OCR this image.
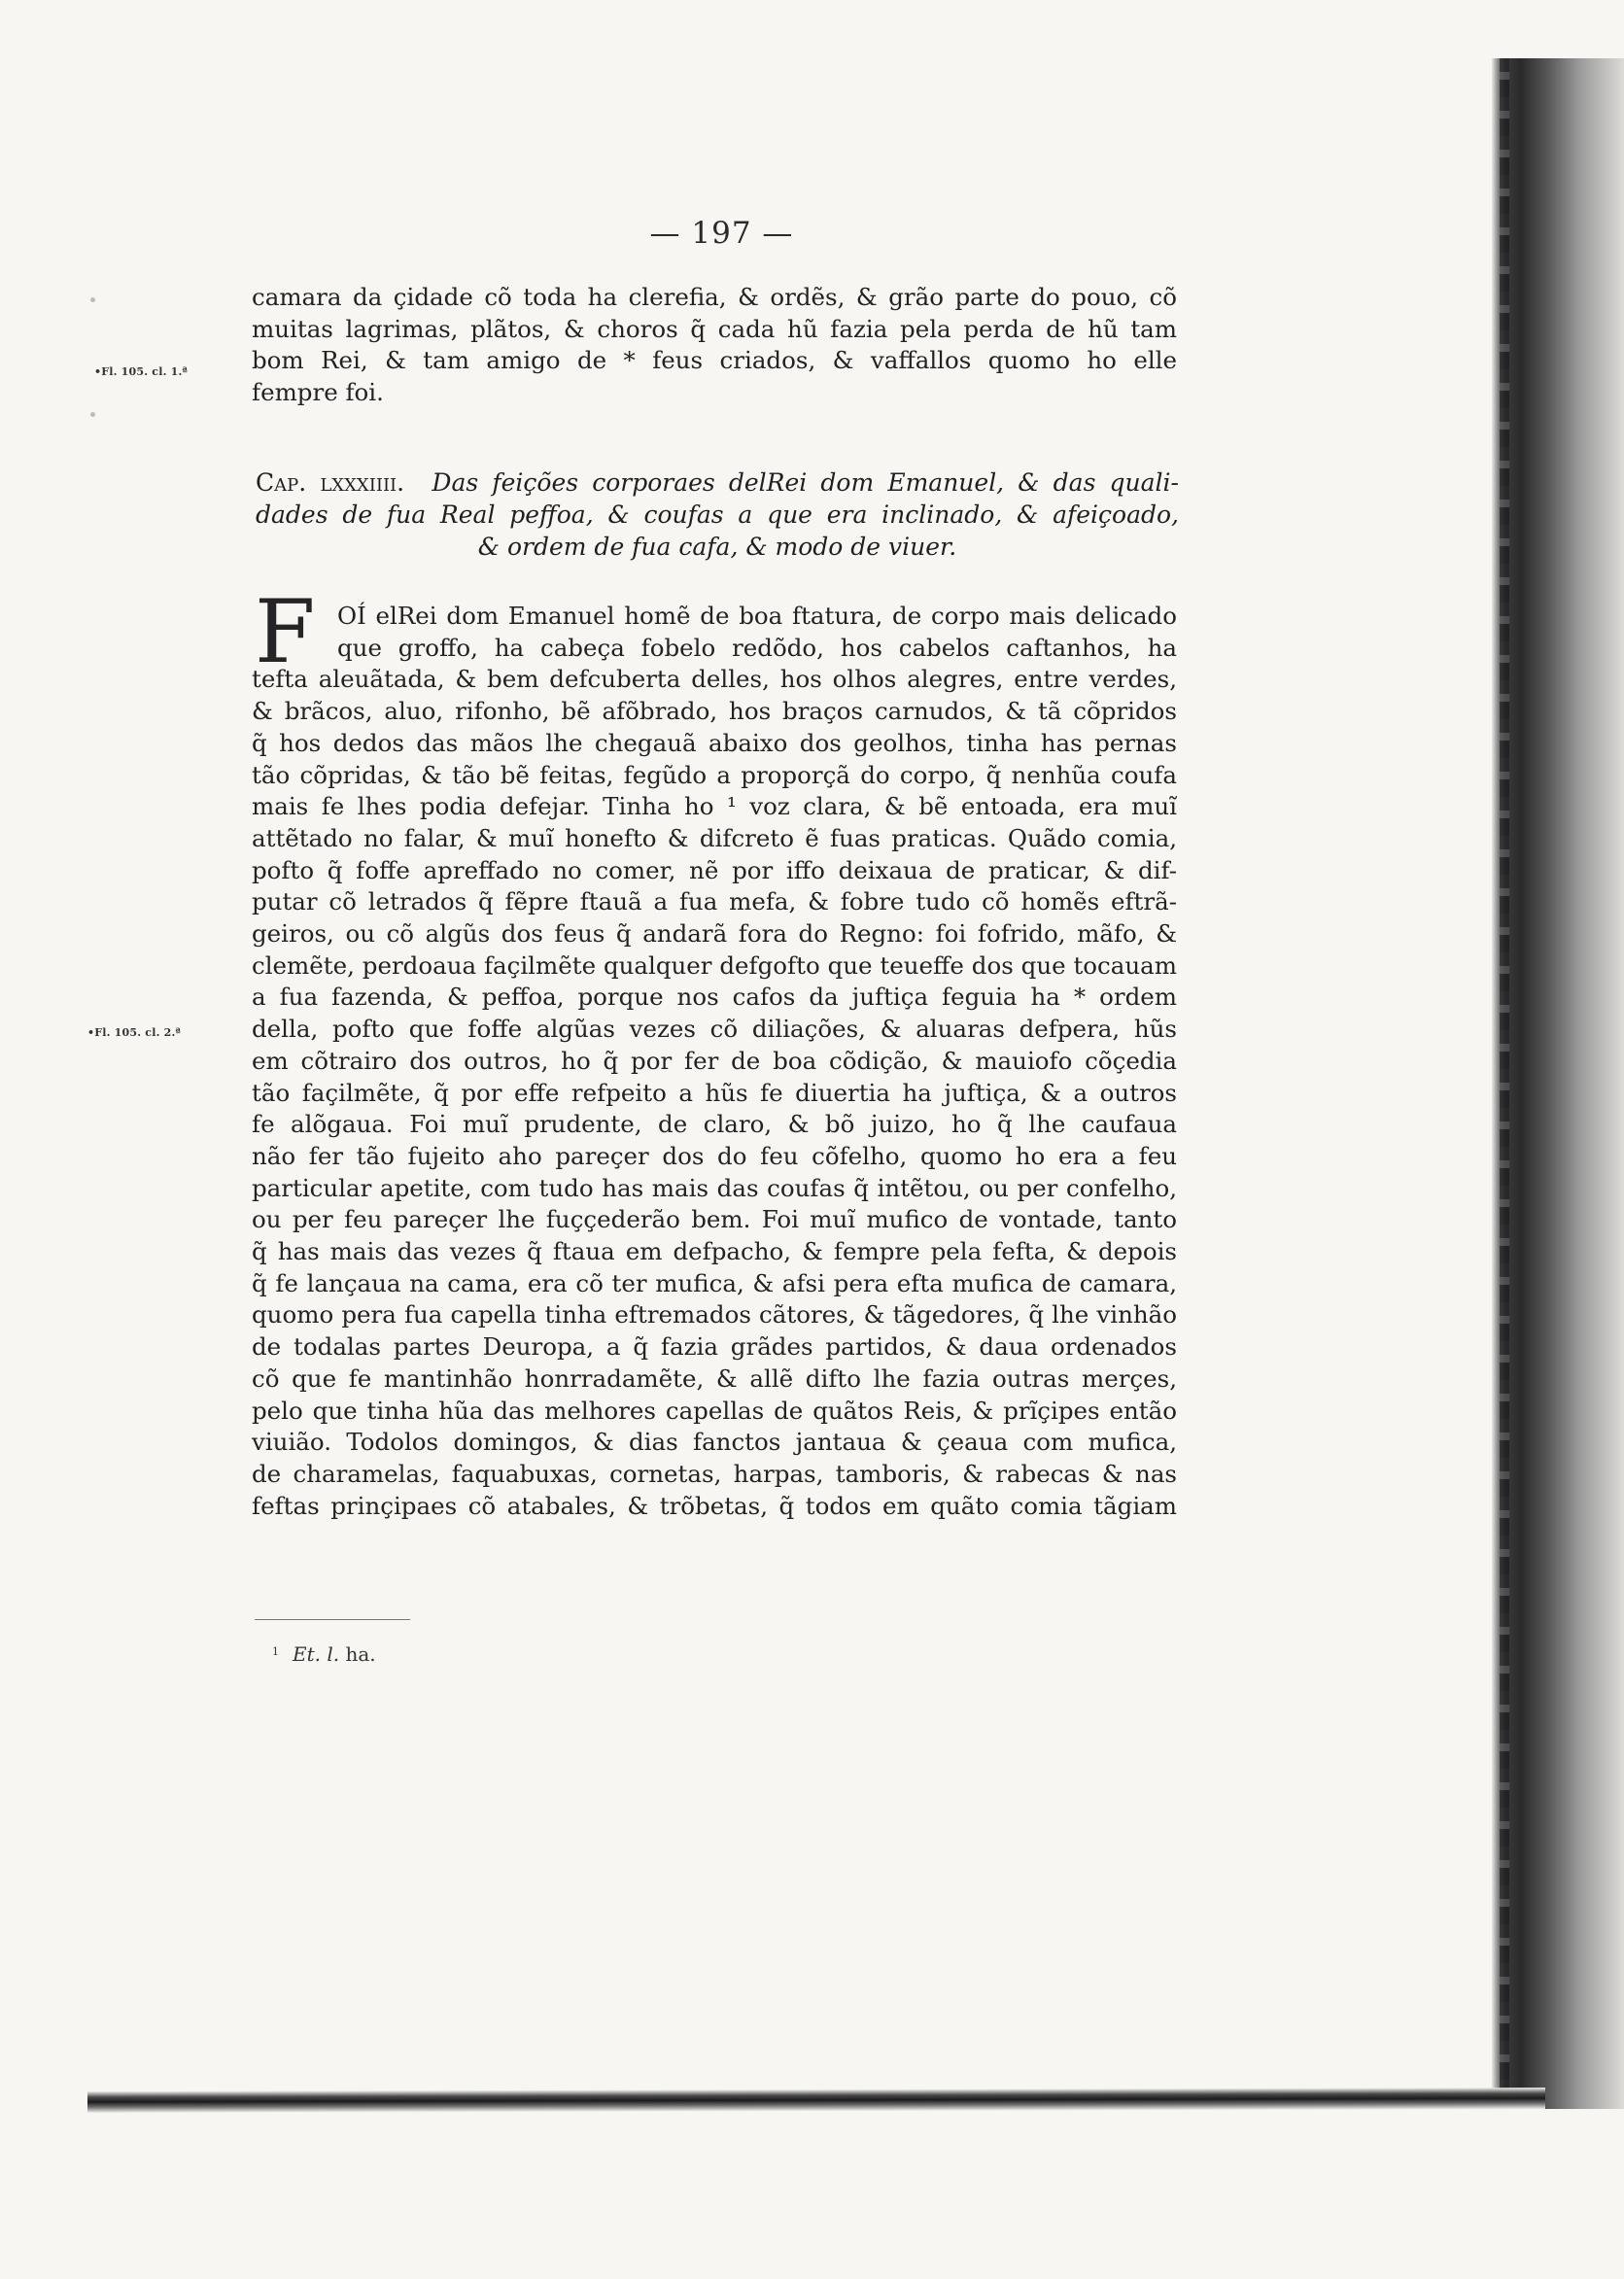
— 197 —
•Fl. 105. cl. 1.ª
•Fl. 105. cl. 2.ª
camara da çidade cõ toda ha clerefia, & ordẽs, & grão parte do pouo, cõ
muitas lagrimas, plãtos, & choros q̃ cada hũ fazia pela perda de hũ tam
bom Rei, & tam amigo de * feus criados, & vaffallos quomo ho elle
fempre foi.
Cap. lxxxiiii. Das feições corporaes delRei dom Emanuel, & das quali-
dades de fua Real peffoa, & coufas a que era inclinado, & afeiçoado,
& ordem de fua cafa, & modo de viuer.
F OÍ elRei dom Emanuel homẽ de boa ftatura, de corpo mais delicado
que groffo, ha cabeça fobelo redõdo, hos cabelos caftanhos, ha
tefta aleuãtada, & bem defcuberta delles, hos olhos alegres, entre verdes,
& brãcos, aluo, rifonho, bẽ afõbrado, hos braços carnudos, & tã cõpridos
q̃ hos dedos das mãos lhe chegauã abaixo dos geolhos, tinha has pernas
tão cõpridas, & tão bẽ feitas, fegũdo a proporçã do corpo, q̃ nenhũa coufa
mais fe lhes podia defejar. Tinha ho ¹ voz clara, & bẽ entoada, era muĩ
attẽtado no falar, & muĩ honefto & difcreto ẽ fuas praticas. Quãdo comia,
pofto q̃ foffe apreffado no comer, nẽ por iffo deixaua de praticar, & dif-
putar cõ letrados q̃ fẽpre ftauã a fua mefa, & fobre tudo cõ homẽs eftrã-
geiros, ou cõ algũs dos feus q̃ andarã fora do Regno: foi fofrido, mãfo, &
clemẽte, perdoaua façilmẽte qualquer defgofto que teueffe dos que tocauam
a fua fazenda, & peffoa, porque nos cafos da juftiça feguia ha * ordem
della, pofto que foffe algũas vezes cõ diliações, & aluaras defpera, hũs
em cõtrairo dos outros, ho q̃ por fer de boa cõdição, & mauiofo cõçedia
tão façilmẽte, q̃ por effe refpeito a hũs fe diuertia ha juftiça, & a outros
fe alõgaua. Foi muĩ prudente, de claro, & bõ juizo, ho q̃ lhe caufaua
não fer tão fujeito aho pareçer dos do feu cõfelho, quomo ho era a feu
particular apetite, com tudo has mais das coufas q̃ intẽtou, ou per confelho,
ou per feu pareçer lhe fuççederão bem. Foi muĩ mufico de vontade, tanto
q̃ has mais das vezes q̃ ftaua em defpacho, & fempre pela fefta, & depois
q̃ fe lançaua na cama, era cõ ter mufica, & afsi pera efta mufica de camara,
quomo pera fua capella tinha eftremados cãtores, & tãgedores, q̃ lhe vinhão
de todalas partes Deuropa, a q̃ fazia grãdes partidos, & daua ordenados
cõ que fe mantinhão honrradamẽte, & allẽ difto lhe fazia outras merçes,
pelo que tinha hũa das melhores capellas de quãtos Reis, & prĩçipes então
viuião. Todolos domingos, & dias fanctos jantaua & çeaua com mufica,
de charamelas, faquabuxas, cornetas, harpas, tamboris, & rabecas & nas
feftas prinçipaes cõ atabales, & trõbetas, q̃ todos em quãto comia tãgiam
$^1$ Et. l. ha.
